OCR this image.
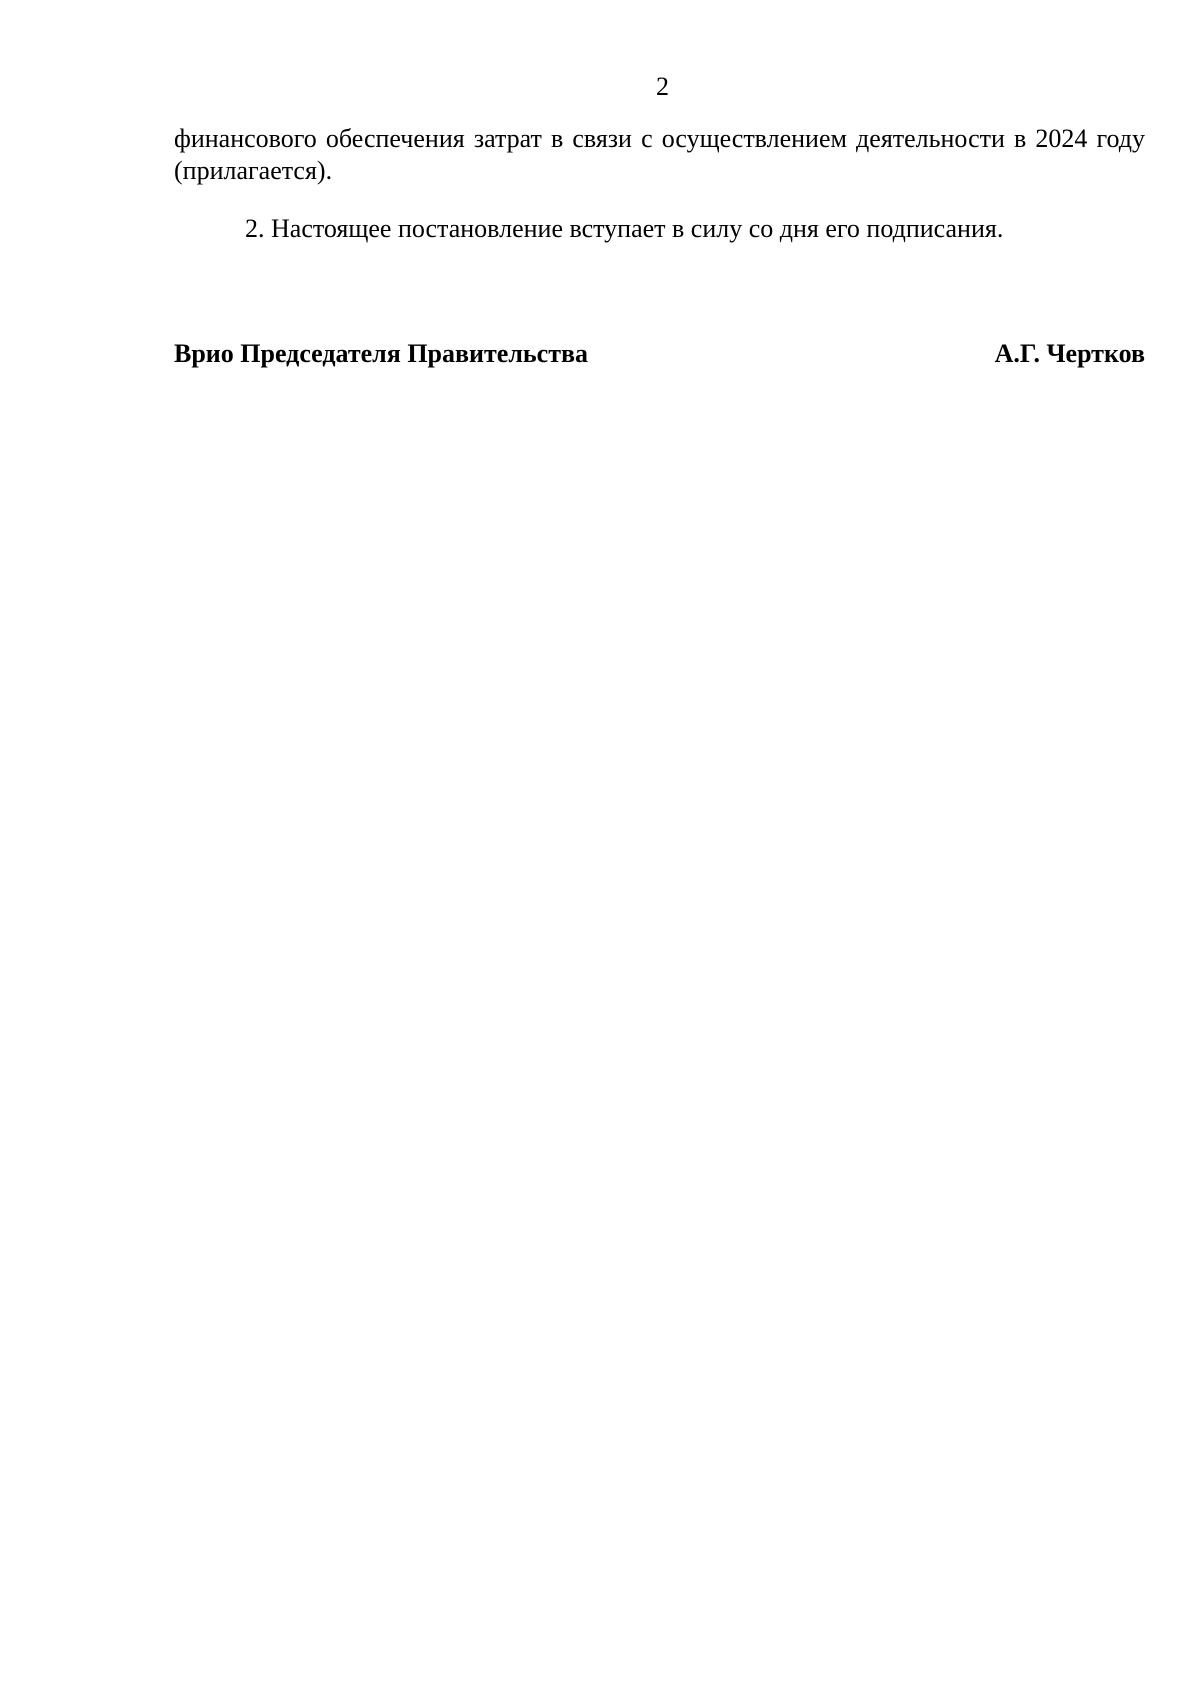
2

финансового обеспечения затрат в связи с осуществлением деятельности в 2024 году (прилагается).

2. Настоящее постановление вступает в силу со дня его подписания.

Врио Председателя Правительства	А.Г. Чертков
